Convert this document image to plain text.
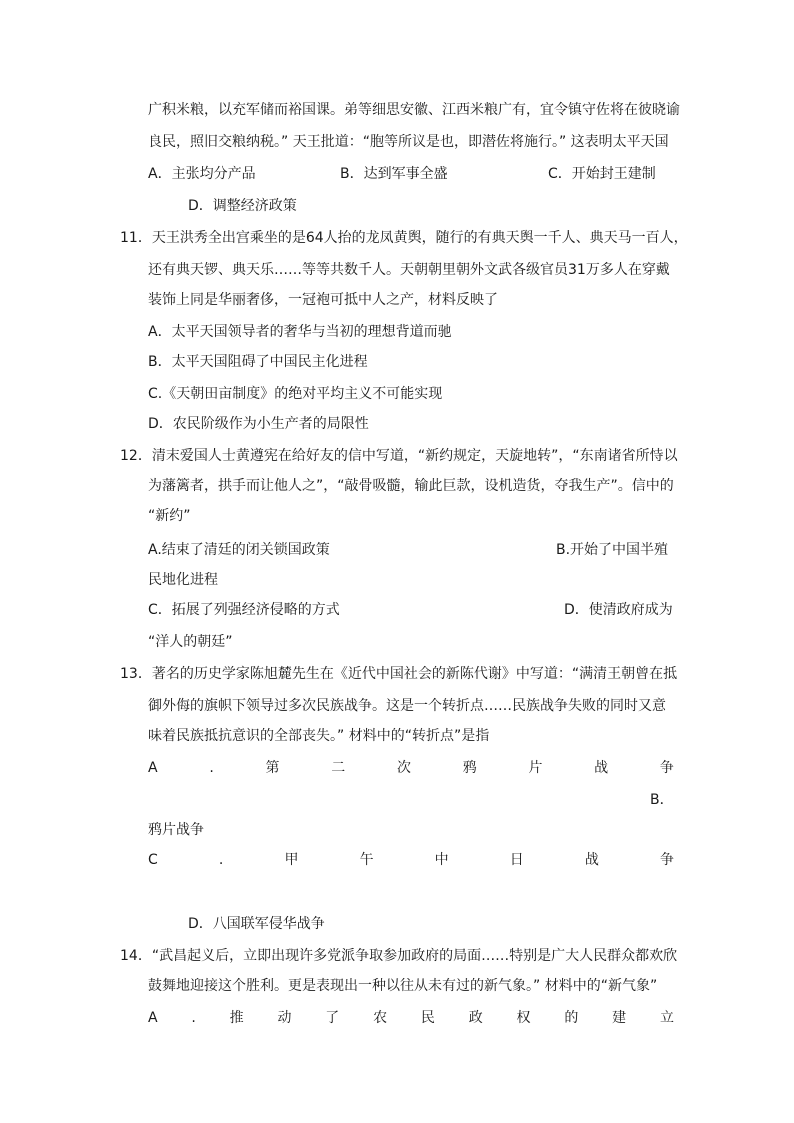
广积米粮，以充军储而裕国课。弟等细思安徽、江西米粮广有，宜令镇守佐将在彼晓谕
良民，照旧交粮纳税。” 天王批道：“胞等所议是也，即潜佐将施行。” 这表明太平天国
A．主张均分产品	B．达到军事全盛	C．开始封王建制
D．调整经济政策
11．天王洪秀全出宫乘坐的是64人抬的龙凤黄舆，随行的有典天舆一千人、典天马一百人，
还有典天锣、典天乐……等等共数千人。天朝朝里朝外文武各级官员31万多人在穿戴
装饰上同是华丽奢侈，一冠袍可抵中人之产，材料反映了
A．太平天国领导者的奢华与当初的理想背道而驰
B．太平天国阻碍了中国民主化进程
C.《天朝田亩制度》的绝对平均主义不可能实现
D．农民阶级作为小生产者的局限性
12．清末爱国人士黄遵宪在给好友的信中写道，“新约规定，天旋地转”，“东南诸省所恃以
为藩篱者，拱手而让他人之”，“敲骨吸髓，输此巨款，设机造货，夺我生产”。信中的
“新约”
A.结束了清廷的闭关锁国政策	B.开始了中国半殖
民地化进程
C．拓展了列强经济侵略的方式	D．使清政府成为
“洋人的朝廷”
13．著名的历史学家陈旭麓先生在《近代中国社会的新陈代谢》中写道：“满清王朝曾在抵
御外侮的旗帜下领导过多次民族战争。这是一个转折点……民族战争失败的同时又意
味着民族抵抗意识的全部丧失。” 材料中的“转折点”是指
A	.	第	二	次	鸦	片	战	争
B．
鸦片战争
C	.	甲	午	中	日	战	争
D．八国联军侵华战争
14．“武昌起义后，立即出现许多党派争取参加政府的局面……特别是广大人民群众都欢欣
鼓舞地迎接这个胜利。更是表现出一种以往从未有过的新气象。” 材料中的“新气象”
A . 推 动 了 农 民 政 权 的 建 立
